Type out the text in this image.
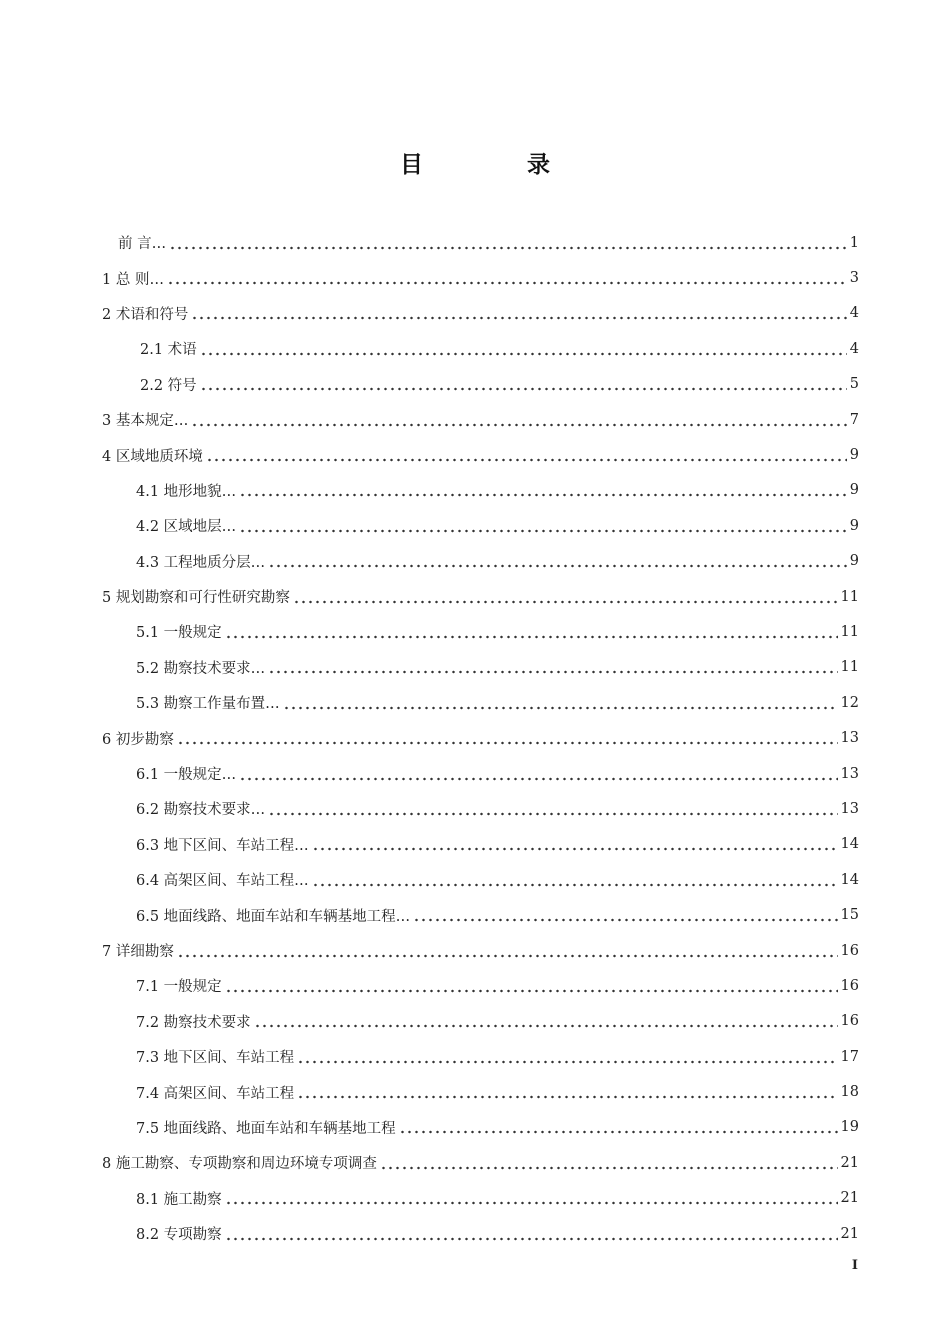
目 录
前 言…	1
1 总 则…	3
2 术语和符号	4
2.1 术语	4
2.2 符号	5
3 基本规定…	7
4 区域地质环境	9
4.1 地形地貌…	9
4.2 区域地层…	9
4.3 工程地质分层…	9
5 规划勘察和可行性研究勘察	11
5.1 一般规定	11
5.2 勘察技术要求…	11
5.3 勘察工作量布置…	12
6 初步勘察	13
6.1 一般规定…	13
6.2 勘察技术要求…	13
6.3 地下区间、车站工程…	14
6.4 高架区间、车站工程…	14
6.5 地面线路、地面车站和车辆基地工程…	15
7 详细勘察	16
7.1 一般规定	16
7.2 勘察技术要求	16
7.3 地下区间、车站工程	17
7.4 高架区间、车站工程	18
7.5 地面线路、地面车站和车辆基地工程	19
8 施工勘察、专项勘察和周边环境专项调查	21
8.1 施工勘察	21
8.2 专项勘察	21
I
